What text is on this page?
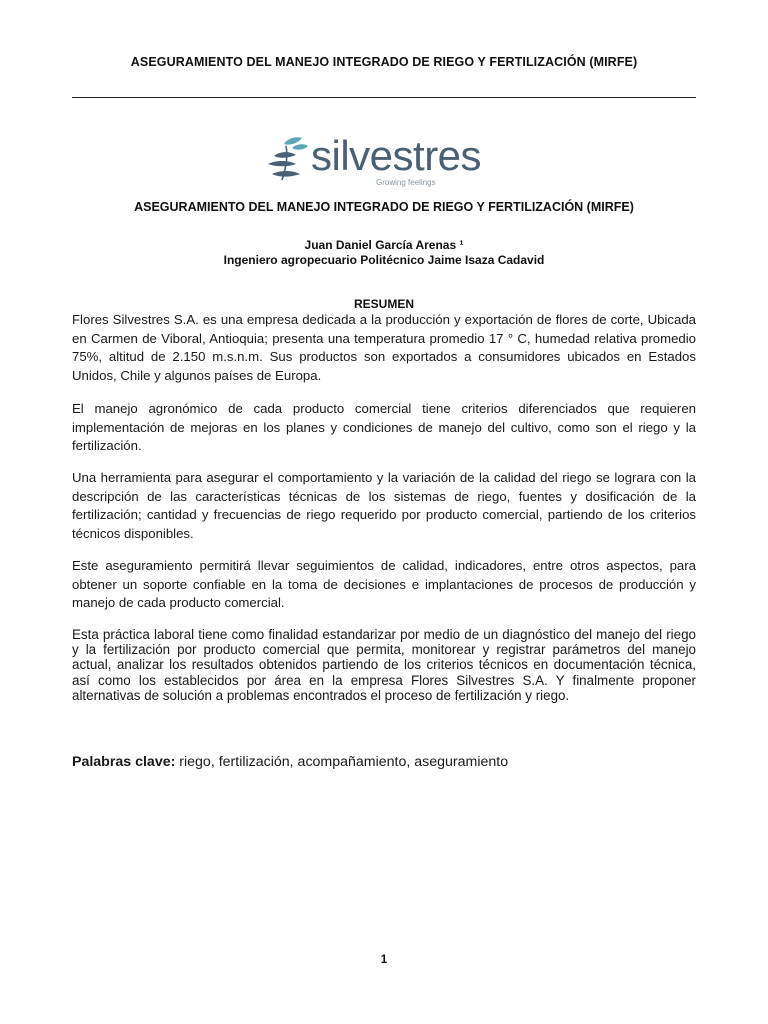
ASEGURAMIENTO DEL MANEJO INTEGRADO DE RIEGO Y FERTILIZACIÓN (MIRFE)
silvestres
Growing feelings
ASEGURAMIENTO DEL MANEJO INTEGRADO DE RIEGO Y FERTILIZACIÓN (MIRFE)
Juan Daniel García Arenas ¹
Ingeniero agropecuario Politécnico Jaime Isaza Cadavid
RESUMEN

Flores Silvestres S.A. es una empresa dedicada a la producción y exportación de flores de corte, Ubicada en Carmen de Viboral, Antioquia; presenta una temperatura promedio 17 ° C, humedad relativa promedio 75%, altitud de 2.150 m.s.n.m. Sus productos son exportados a consumidores ubicados en Estados Unidos, Chile y algunos países de Europa.

El manejo agronómico de cada producto comercial tiene criterios diferenciados que requieren implementación de mejoras en los planes y condiciones de manejo del cultivo, como son el riego y la fertilización.

Una herramienta para asegurar el comportamiento y la variación de la calidad del riego se lograra con la descripción de las características técnicas de los sistemas de riego, fuentes y dosificación de la fertilización; cantidad y frecuencias de riego requerido por producto comercial, partiendo de los criterios técnicos disponibles.

Este aseguramiento permitirá llevar seguimientos de calidad, indicadores, entre otros aspectos, para obtener un soporte confiable en la toma de decisiones e implantaciones de procesos de producción y manejo de cada producto comercial.

Esta práctica laboral tiene como finalidad estandarizar por medio de un diagnóstico del manejo del riego y la fertilización por producto comercial que permita, monitorear y registrar parámetros del manejo actual, analizar los resultados obtenidos partiendo de los criterios técnicos en documentación técnica, así como los establecidos por área en la empresa Flores Silvestres S.A. Y finalmente proponer alternativas de solución a problemas encontrados el proceso de fertilización y riego.

Palabras clave: riego, fertilización, acompañamiento, aseguramiento
1
